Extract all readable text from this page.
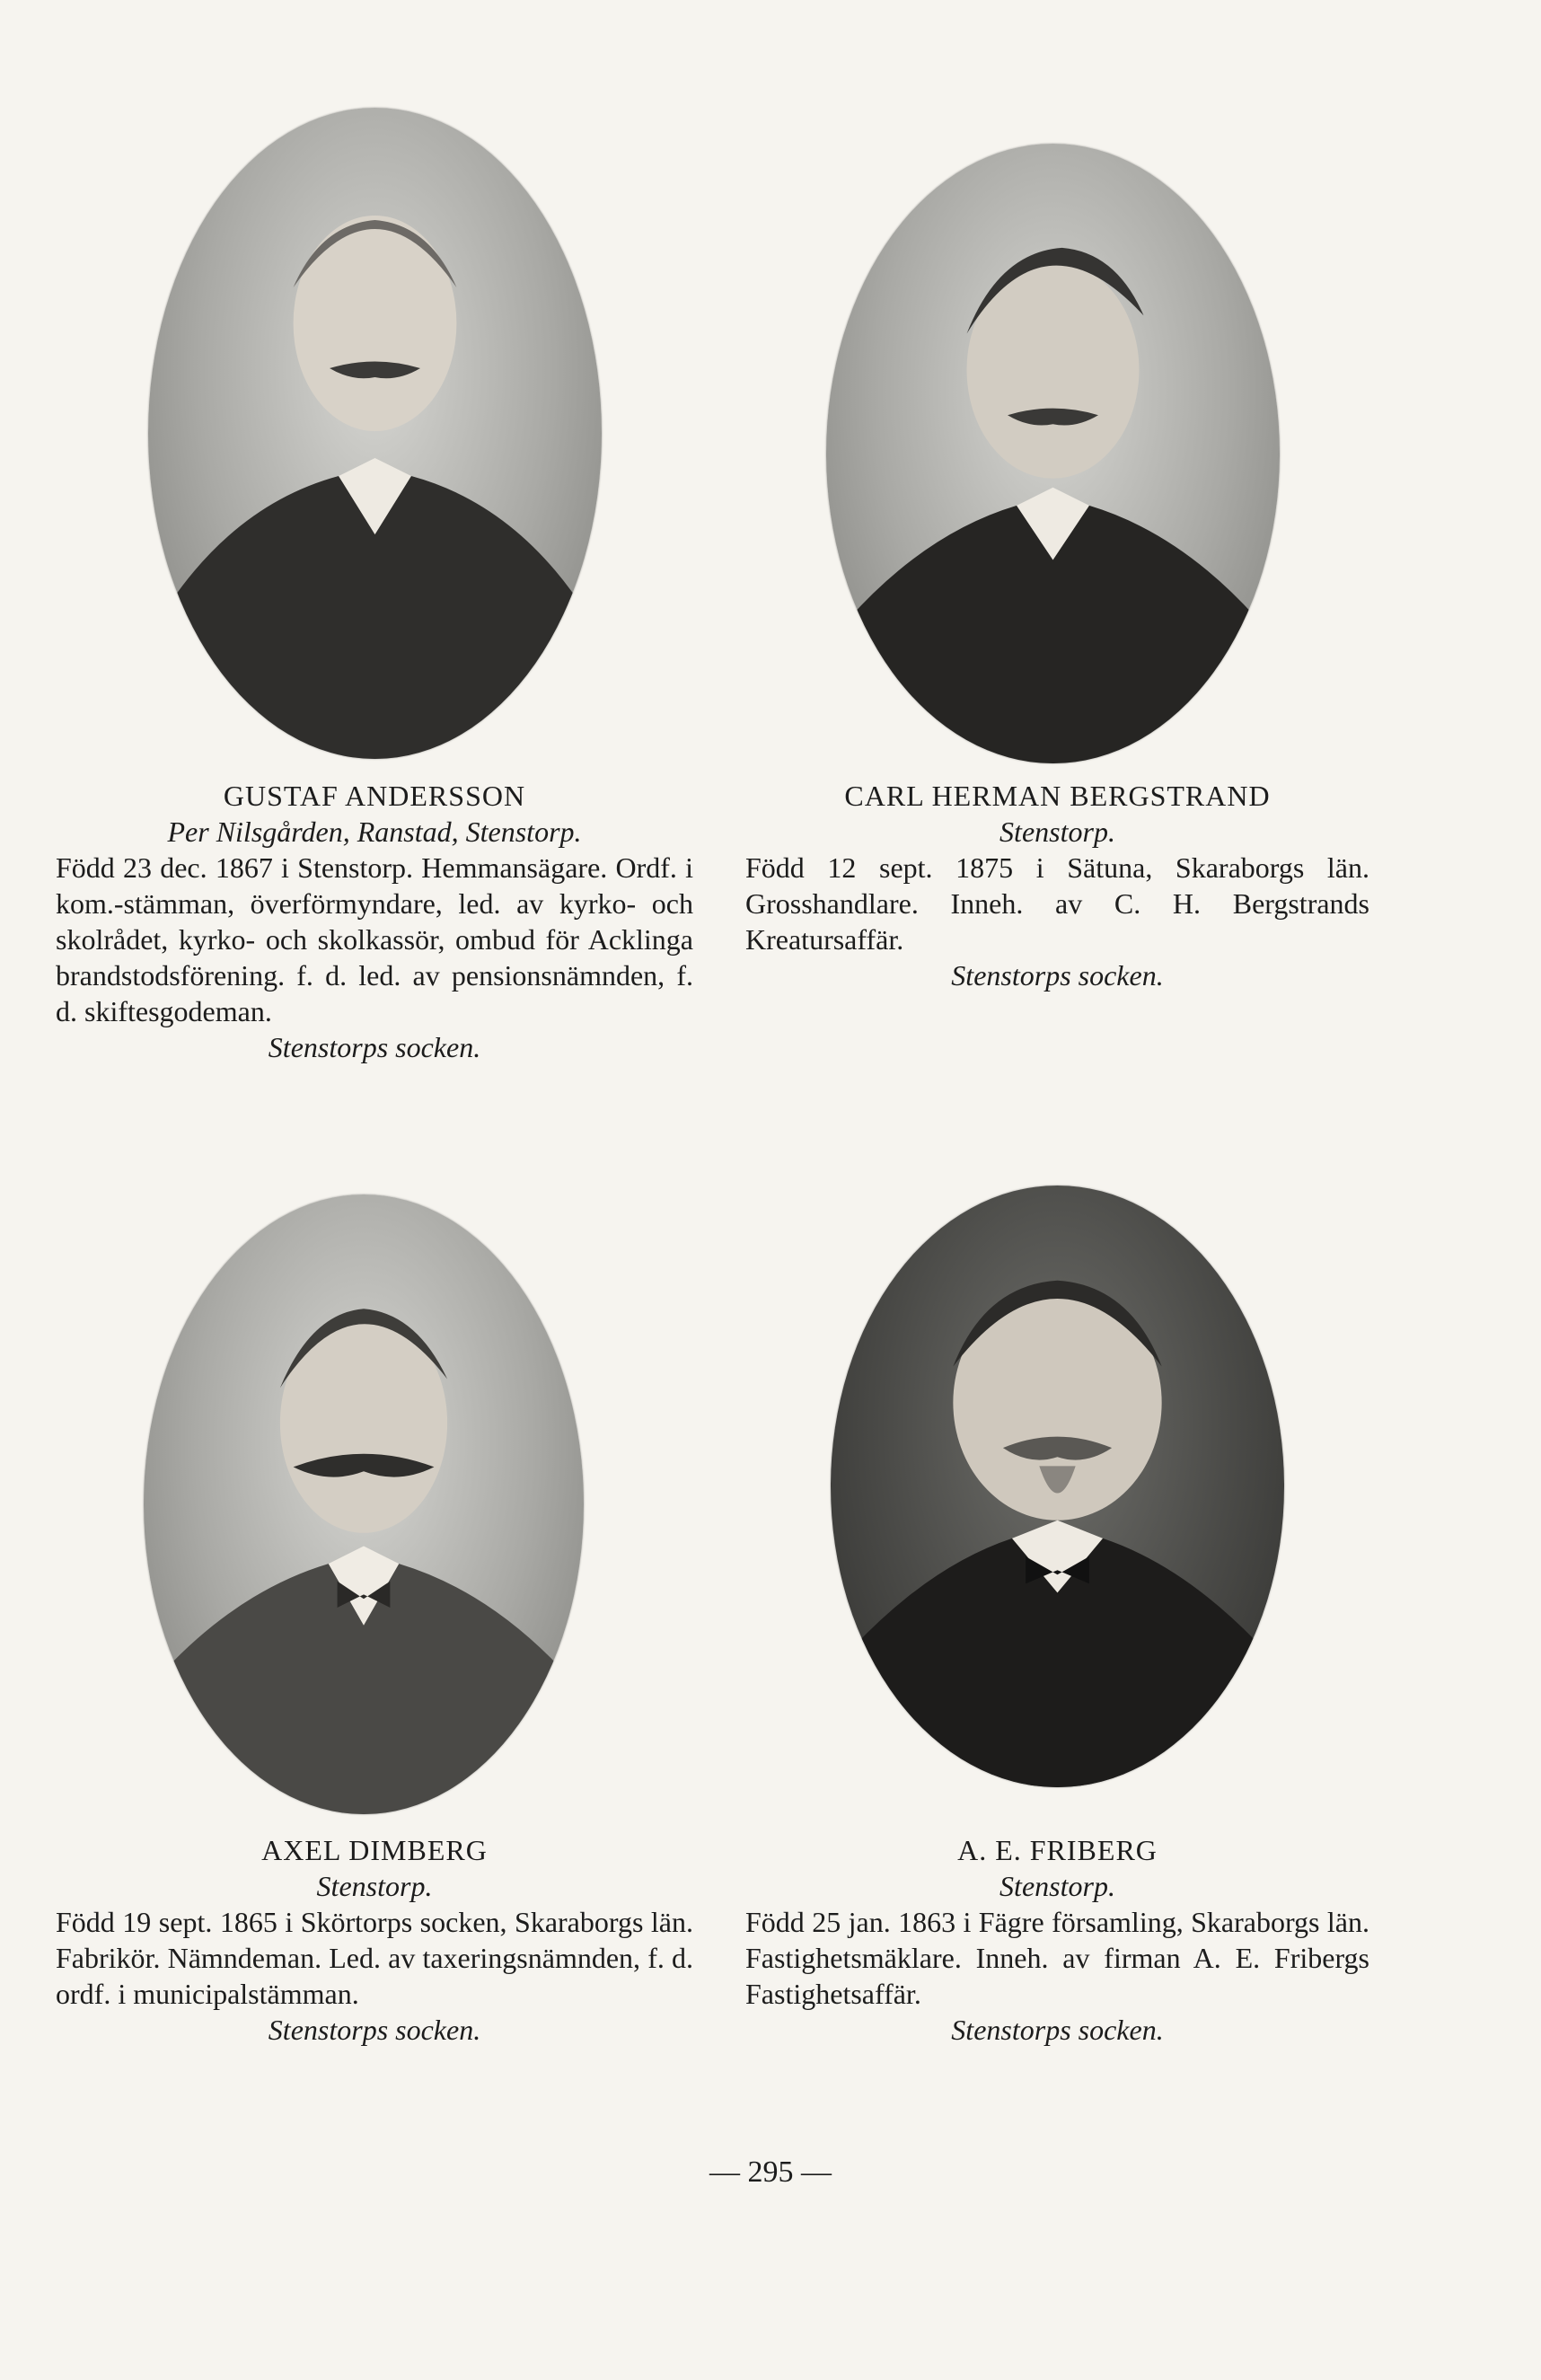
GUSTAF ANDERSSON
Per Nilsgården, Ranstad, Stenstorp.
Född 23 dec. 1867 i Stenstorp. Hemmansägare. Ordf. i kom.-stämman, överförmyndare, led. av kyrko- och skolrådet, kyrko- och skolkassör, ombud för Acklinga brandstodsförening. f. d. led. av pensionsnämnden, f. d. skiftesgodeman.
Stenstorps socken.
CARL HERMAN BERGSTRAND
Stenstorp.
Född 12 sept. 1875 i Sätuna, Skaraborgs län. Grosshandlare. Inneh. av C. H. Bergstrands Kreatursaffär.
Stenstorps socken.
AXEL DIMBERG
Stenstorp.
Född 19 sept. 1865 i Skörtorps socken, Skaraborgs län. Fabrikör. Nämndeman. Led. av taxeringsnämnden, f. d. ordf. i municipalstämman.
Stenstorps socken.
A. E. FRIBERG
Stenstorp.
Född 25 jan. 1863 i Fägre församling, Skaraborgs län. Fastighetsmäklare. Inneh. av firman A. E. Fribergs Fastighetsaffär.
Stenstorps socken.
— 295 —
